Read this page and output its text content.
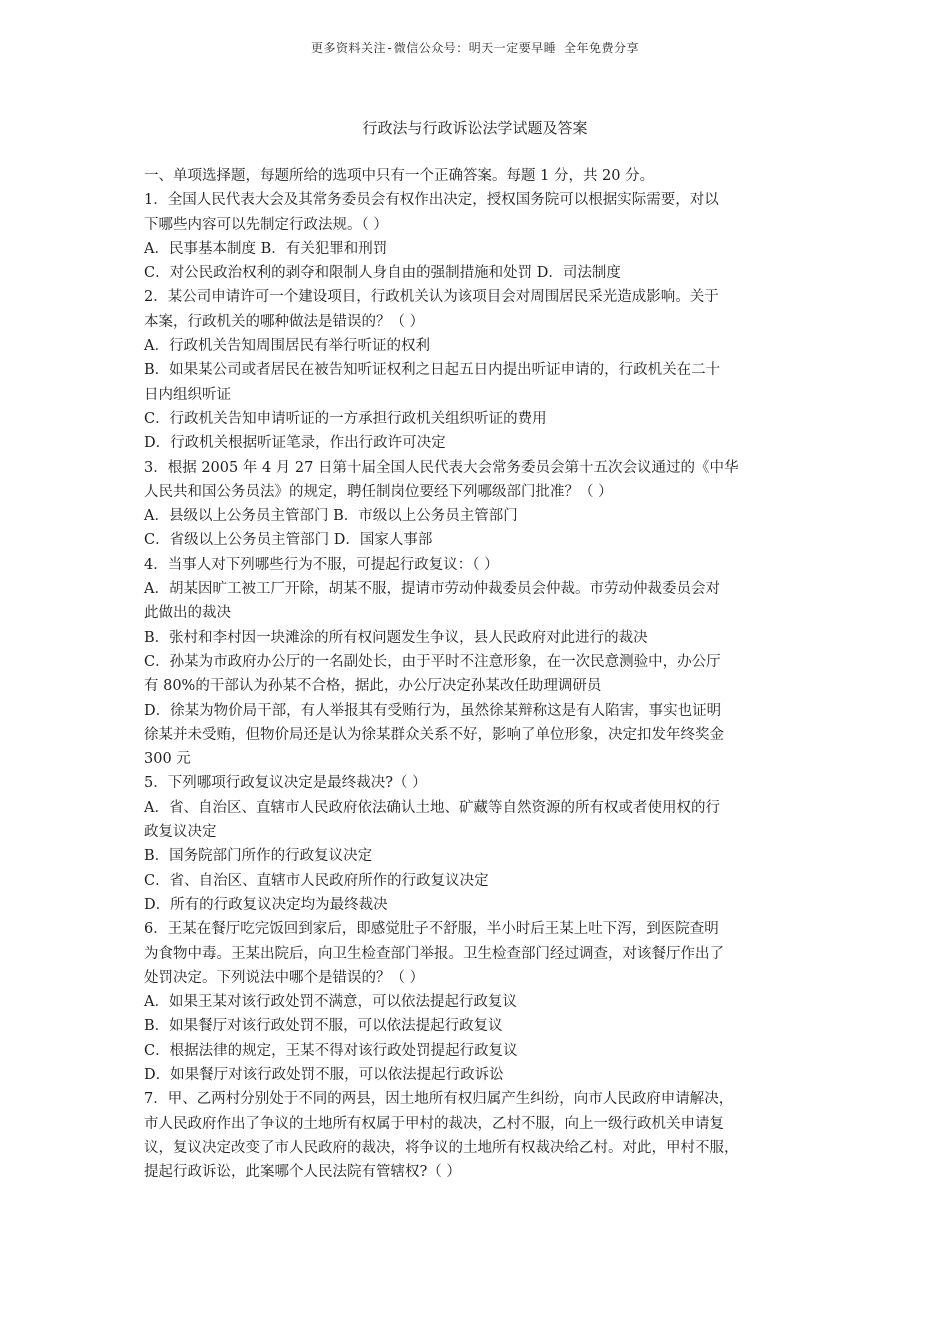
更多资料关注-微信公众号：明天一定要早睡 全年免费分享
行政法与行政诉讼法学试题及答案
一、单项选择题，每题所给的选项中只有一个正确答案。每题 1 分，共 20 分。
1．全国人民代表大会及其常务委员会有权作出决定，授权国务院可以根据实际需要，对以
下哪些内容可以先制定行政法规。（ ）
A．民事基本制度 B．有关犯罪和刑罚
C．对公民政治权利的剥夺和限制人身自由的强制措施和处罚 D．司法制度
2．某公司申请许可一个建设项目，行政机关认为该项目会对周围居民采光造成影响。关于
本案，行政机关的哪种做法是错误的？（ ）
A．行政机关告知周围居民有举行听证的权利
B．如果某公司或者居民在被告知听证权利之日起五日内提出听证申请的，行政机关在二十
日内组织听证
C．行政机关告知申请听证的一方承担行政机关组织听证的费用
D．行政机关根据听证笔录，作出行政许可决定
3．根据 2005 年 4 月 27 日第十届全国人民代表大会常务委员会第十五次会议通过的《中华
人民共和国公务员法》的规定，聘任制岗位要经下列哪级部门批准？（ ）
A．县级以上公务员主管部门 B．市级以上公务员主管部门
C．省级以上公务员主管部门 D．国家人事部
4．当事人对下列哪些行为不服，可提起行政复议：（ ）
A．胡某因旷工被工厂开除，胡某不服，提请市劳动仲裁委员会仲裁。市劳动仲裁委员会对
此做出的裁决
B．张村和李村因一块滩涂的所有权问题发生争议，县人民政府对此进行的裁决
C．孙某为市政府办公厅的一名副处长，由于平时不注意形象，在一次民意测验中，办公厅
有 80%的干部认为孙某不合格，据此，办公厅决定孙某改任助理调研员
D．徐某为物价局干部，有人举报其有受贿行为，虽然徐某辩称这是有人陷害，事实也证明
徐某并未受贿，但物价局还是认为徐某群众关系不好，影响了单位形象，决定扣发年终奖金
300 元
5．下列哪项行政复议决定是最终裁决?（ ）
A．省、自治区、直辖市人民政府依法确认土地、矿藏等自然资源的所有权或者使用权的行
政复议决定
B．国务院部门所作的行政复议决定
C．省、自治区、直辖市人民政府所作的行政复议决定
D．所有的行政复议决定均为最终裁决
6．王某在餐厅吃完饭回到家后，即感觉肚子不舒服，半小时后王某上吐下泻，到医院查明
为食物中毒。王某出院后，向卫生检查部门举报。卫生检查部门经过调查，对该餐厅作出了
处罚决定。下列说法中哪个是错误的？（ ）
A．如果王某对该行政处罚不满意，可以依法提起行政复议
B．如果餐厅对该行政处罚不服，可以依法提起行政复议
C．根据法律的规定，王某不得对该行政处罚提起行政复议
D．如果餐厅对该行政处罚不服，可以依法提起行政诉讼
7．甲、乙两村分别处于不同的两县，因土地所有权归属产生纠纷，向市人民政府申请解决，
市人民政府作出了争议的土地所有权属于甲村的裁决，乙村不服，向上一级行政机关申请复
议，复议决定改变了市人民政府的裁决，将争议的土地所有权裁决给乙村。对此，甲村不服，
提起行政诉讼，此案哪个人民法院有管辖权?（ ）
